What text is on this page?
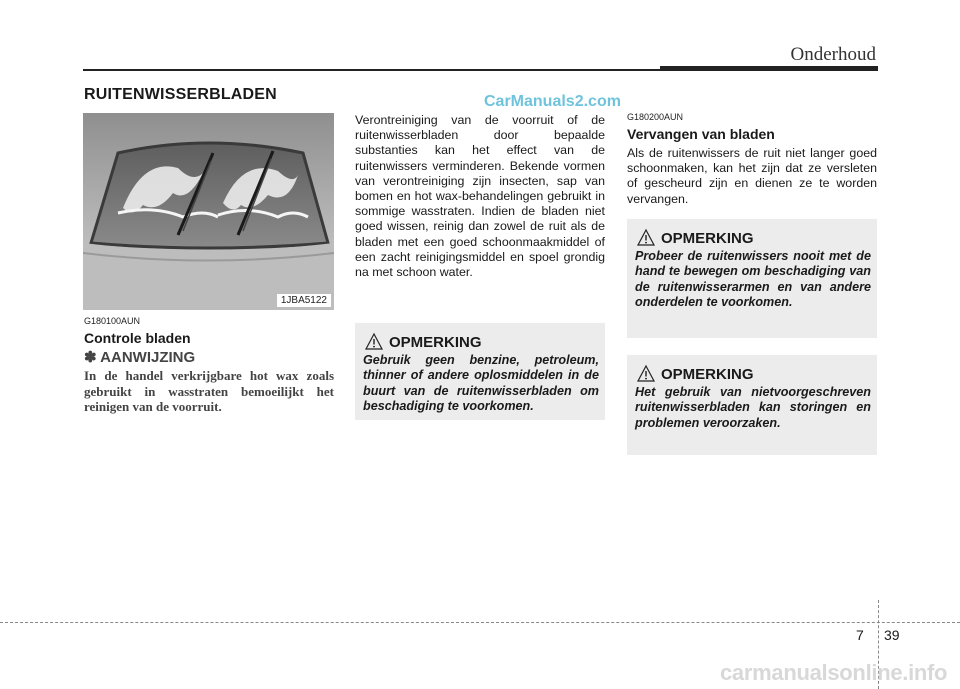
Onderhoud
RUITENWISSERBLADEN	CarManuals2.com
1JBA5122
G180100AUN
Controle bladen
✽ AANWIJZING
In de handel verkrijgbare hot wax zoals gebruikt in wasstraten bemoeilijkt het reinigen van de voorruit.
Verontreiniging van de voorruit of de ruitenwisserbladen door bepaalde substanties kan het effect van de ruitenwissers verminderen. Bekende vormen van verontreiniging zijn insecten, sap van bomen en hot wax-behandelingen gebruikt in sommige wasstraten. Indien de bladen niet goed wissen, reinig dan zowel de ruit als de bladen met een goed schoonmaakmiddel of een zacht reinigingsmiddel en spoel grondig na met schoon water.
OPMERKING
Gebruik geen benzine, petroleum, thinner of andere oplosmiddelen in de buurt van de ruitenwisserbladen om beschadiging te voorkomen.
G180200AUN
Vervangen van bladen
Als de ruitenwissers de ruit niet langer goed schoonmaken, kan het zijn dat ze versleten of gescheurd zijn en dienen ze te worden vervangen.
OPMERKING
Probeer de ruitenwissers nooit met de hand te bewegen om beschadiging van de ruitenwisserarmen en van andere onderdelen te voorkomen.
OPMERKING
Het gebruik van nietvoorgeschreven ruitenwisserbladen kan storingen en problemen veroorzaken.
7 39
carmanualsonline.info
